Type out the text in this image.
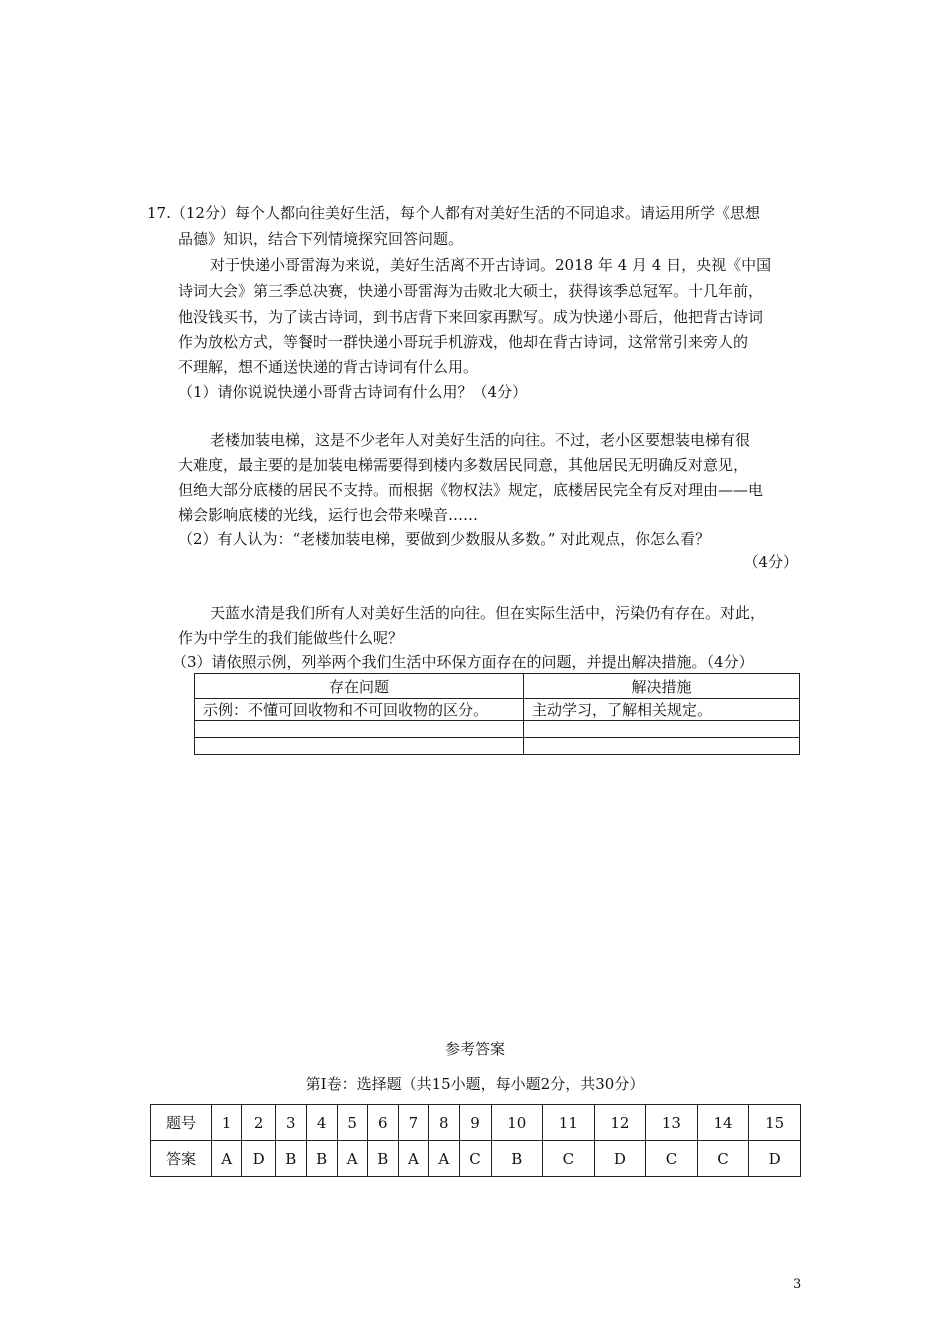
17.（12分）每个人都向往美好生活，每个人都有对美好生活的不同追求。请运用所学《思想
品德》知识，结合下列情境探究回答问题。
对于快递小哥雷海为来说，美好生活离不开古诗词。2018 年 4 月 4 日，央视《中国
诗词大会》第三季总决赛，快递小哥雷海为击败北大硕士，获得该季总冠军。十几年前，
他没钱买书，为了读古诗词，到书店背下来回家再默写。成为快递小哥后，他把背古诗词
作为放松方式，等餐时一群快递小哥玩手机游戏，他却在背古诗词，这常常引来旁人的
不理解，想不通送快递的背古诗词有什么用。
（1）请你说说快递小哥背古诗词有什么用？（4分）
老楼加装电梯，这是不少老年人对美好生活的向往。不过，老小区要想装电梯有很
大难度，最主要的是加装电梯需要得到楼内多数居民同意，其他居民无明确反对意见，
但绝大部分底楼的居民不支持。而根据《物权法》规定，底楼居民完全有反对理由——电
梯会影响底楼的光线，运行也会带来噪音……
（2）有人认为：“老楼加装电梯，要做到少数服从多数。” 对此观点，你怎么看？
（4分）
天蓝水清是我们所有人对美好生活的向往。但在实际生活中，污染仍有存在。对此，
作为中学生的我们能做些什么呢？
（3）请依照示例，列举两个我们生活中环保方面存在的问题，并提出解决措施。（4分）
存在问题	解决措施
示例：不懂可回收物和不可回收物的区分。	主动学习，了解相关规定。

参考答案
第Ⅰ卷：选择题（共15小题，每小题2分，共30分）
题号	1	2	3	4	5	6	7	8	9	10	11	12	13	14	15
答案	A	D	B	B	A	B	A	A	C	B	C	D	C	C	D
3
